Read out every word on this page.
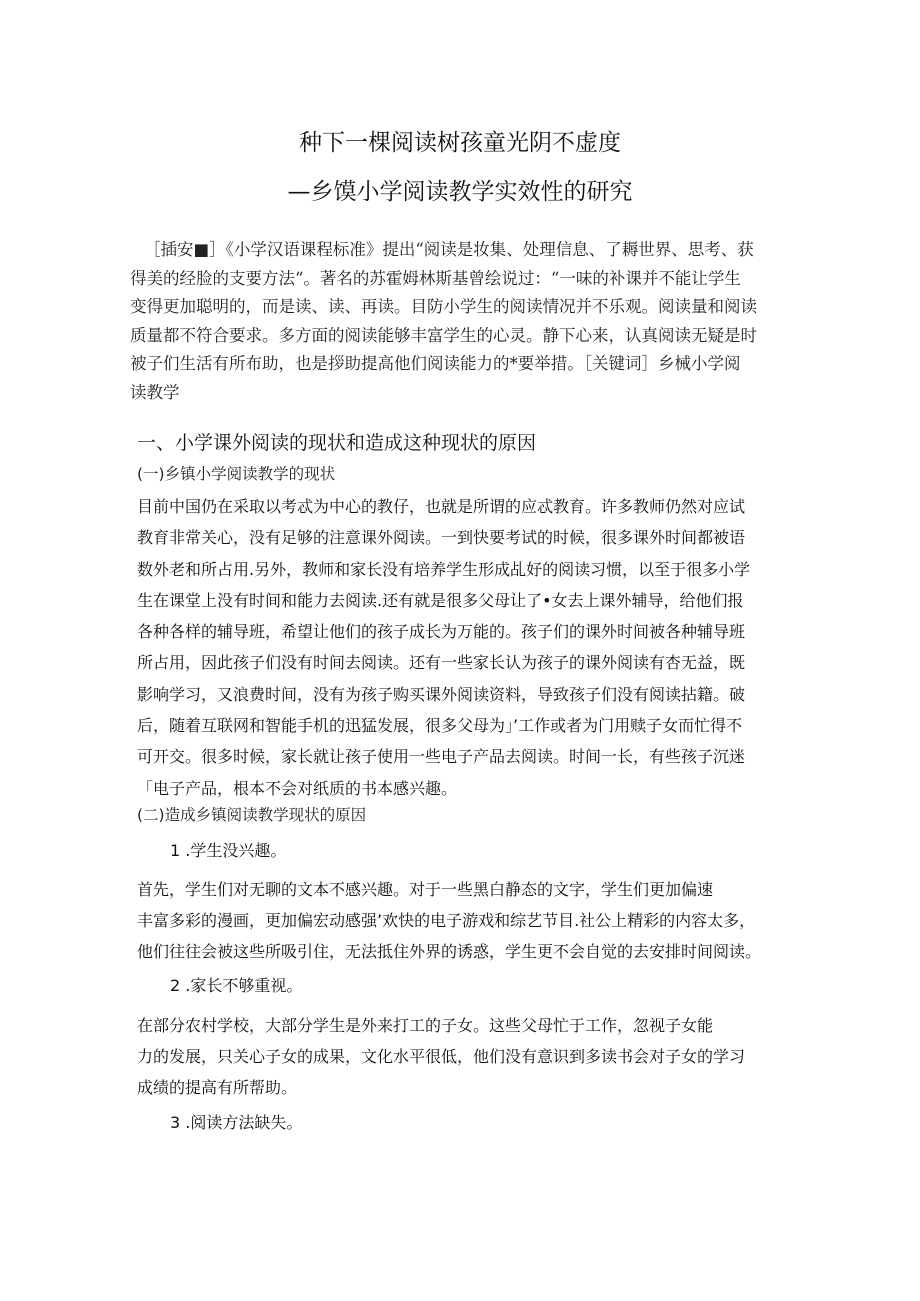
种下一棵阅读树孩童光阴不虚度
—乡馍小学阅读教学实效性的研究

［插安■］《小学汉语课程标准》提出“阅读是妆集、处理信息、了耨世界、思考、获

得美的经脸的支要方法“。著名的苏霍姆林斯基曾绘说过：“一味的补课并不能让学生

变得更加聪明的，而是读、读、再读。目防小学生的阅读情况并不乐观。阅读量和阅读

质量都不符合要求。多方面的阅读能够丰富学生的心灵。静下心来，认真阅读无疑是时

被子们生活有所布助，也是拶助提高他们阅读能力的*要举措。［关键词］乡械小学阅

读教学

一、小学课外阅读的现状和造成这种现状的原因
(一)乡镇小学阅读教学的现状

目前中国仍在采取以考忒为中心的教仔，也就是所谓的应忒教育。许多教师仍然对应试

教育非常关心，没有足够的注意课外阅读。一到快要考试的时候，很多课外时间都被语

数外老和所占用.另外，教师和家长没有培养学生形成乩好的阅读习惯，以至于很多小学

生在课堂上没有时间和能力去阅读.还有就是很多父母让了•女去上课外辅导，给他们报

各种各样的辅导班，希望让他们的孩子成长为万能的。孩子们的课外时间被各种辅导班

所占用，因此孩子们没有时间去阅读。还有一些家长认为孩子的课外阅读有杏无益，既

影响学习，又浪费时间，没有为孩子购买课外阅读资料，导致孩子们没有阅读拈籍。破

后，随着互联网和智能手机的迅猛发展，很多父母为」’工作或者为门用赎子女而忙得不

可开交。很多时候，家长就让孩子使用一些电子产品去阅读。时间一长，有些孩子沉迷

「电子产品，根本不会对纸质的书本感兴趣。

(二)造成乡镇阅读教学现状的原因
1 .学生没兴趣。

首先，学生们对无聊的文本不感兴趣。对于一些黑白静态的文字，学生们更加偏速

丰富多彩的漫画，更加偏宏动感强’欢快的电子游戏和综艺节目.社公上精彩的内容太多，

他们往往会被这些所吸引住，无法抵住外界的诱惑，学生更不会自觉的去安排时间阅读。

2 .家长不够重视。

在部分农村学校，大部分学生是外来打工的子女。这些父母忙于工作，忽视子女能

力的发展，只关心子女的成果，文化水平很低，他们没有意识到多读书会对子女的学习

成绩的提高有所帮助。

3 .阅读方法缺失。
